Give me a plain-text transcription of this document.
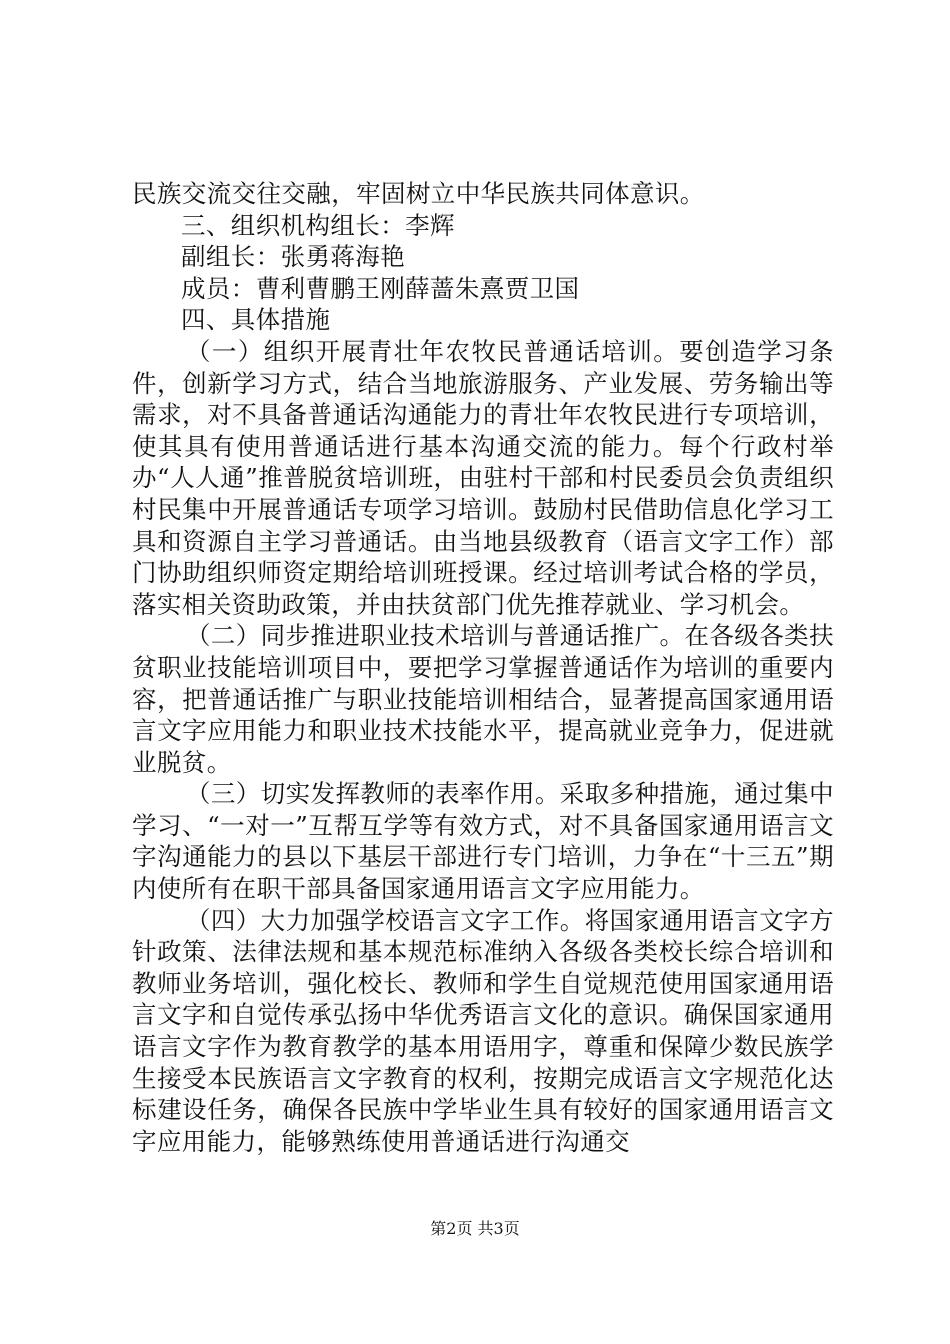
民族交流交往交融，牢固树立中华民族共同体意识。

三、组织机构组长：李辉

副组长：张勇蒋海艳

成员：曹利曹鹏王刚薛蔷朱熹贾卫国

四、具体措施

（一）组织开展青壮年农牧民普通话培训。要创造学习条件，创新学习方式，结合当地旅游服务、产业发展、劳务输出等需求，对不具备普通话沟通能力的青壮年农牧民进行专项培训，使其具有使用普通话进行基本沟通交流的能力。每个行政村举办“人人通”推普脱贫培训班，由驻村干部和村民委员会负责组织村民集中开展普通话专项学习培训。鼓励村民借助信息化学习工具和资源自主学习普通话。由当地县级教育（语言文字工作）部门协助组织师资定期给培训班授课。经过培训考试合格的学员，落实相关资助政策，并由扶贫部门优先推荐就业、学习机会。

（二）同步推进职业技术培训与普通话推广。在各级各类扶贫职业技能培训项目中，要把学习掌握普通话作为培训的重要内容，把普通话推广与职业技能培训相结合，显著提高国家通用语言文字应用能力和职业技术技能水平，提高就业竞争力，促进就业脱贫。

（三）切实发挥教师的表率作用。采取多种措施，通过集中学习、“一对一”互帮互学等有效方式，对不具备国家通用语言文字沟通能力的县以下基层干部进行专门培训，力争在“十三五”期内使所有在职干部具备国家通用语言文字应用能力。

（四）大力加强学校语言文字工作。将国家通用语言文字方针政策、法律法规和基本规范标准纳入各级各类校长综合培训和教师业务培训，强化校长、教师和学生自觉规范使用国家通用语言文字和自觉传承弘扬中华优秀语言文化的意识。确保国家通用语言文字作为教育教学的基本用语用字，尊重和保障少数民族学生接受本民族语言文字教育的权利，按期完成语言文字规范化达标建设任务，确保各民族中学毕业生具有较好的国家通用语言文字应用能力，能够熟练使用普通话进行沟通交

第2页 共3页
